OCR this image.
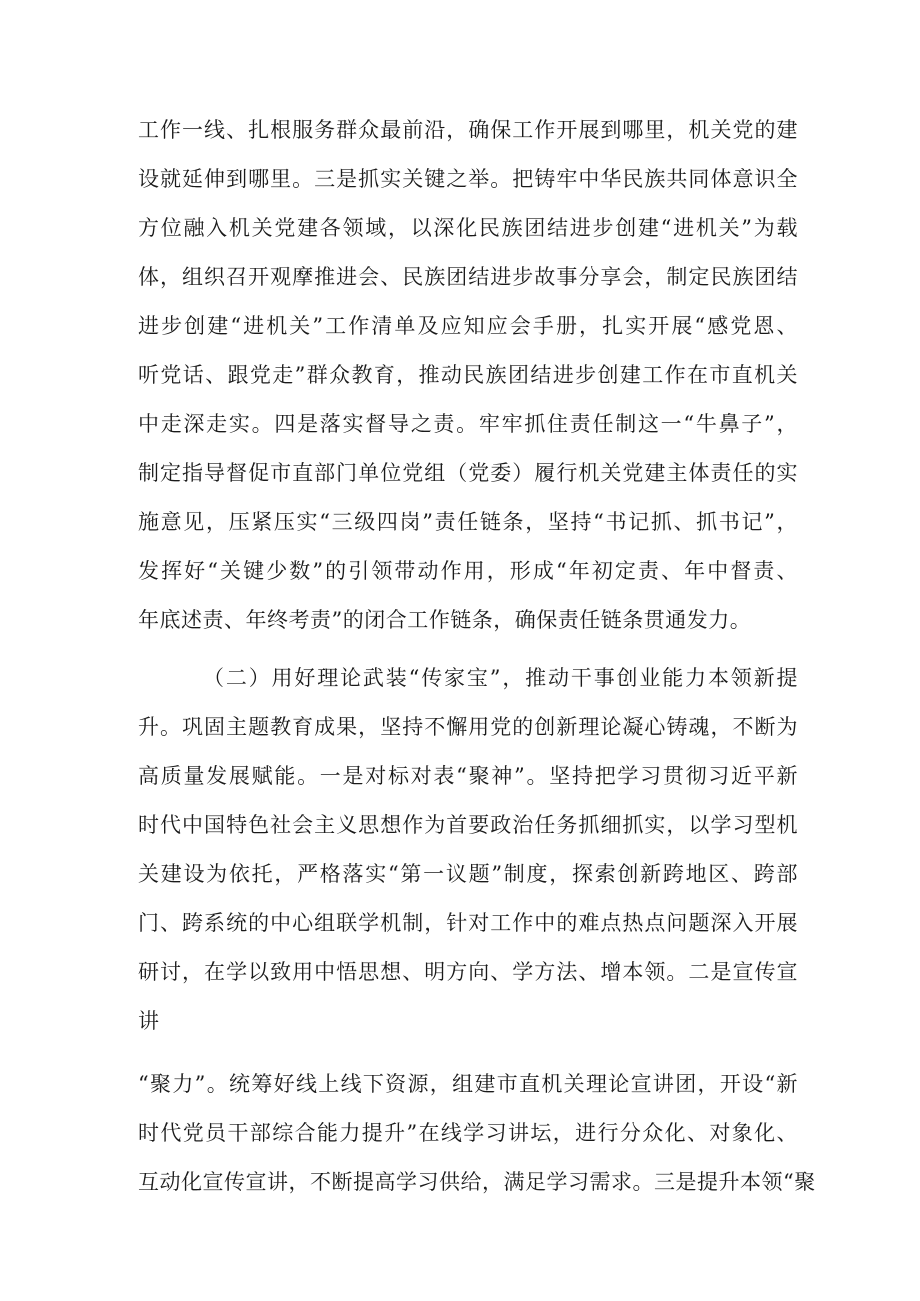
工作一线、扎根服务群众最前沿，确保工作开展到哪里，机关党的建
设就延伸到哪里。三是抓实关键之举。把铸牢中华民族共同体意识全
方位融入机关党建各领域，以深化民族团结进步创建“进机关”为载
体，组织召开观摩推进会、民族团结进步故事分享会，制定民族团结
进步创建“进机关”工作清单及应知应会手册，扎实开展“感党恩、
听党话、跟党走”群众教育，推动民族团结进步创建工作在市直机关
中走深走实。四是落实督导之责。牢牢抓住责任制这一“牛鼻子”，
制定指导督促市直部门单位党组（党委）履行机关党建主体责任的实
施意见，压紧压实“三级四岗”责任链条，坚持“书记抓、抓书记”，
发挥好“关键少数”的引领带动作用，形成“年初定责、年中督责、
年底述责、年终考责”的闭合工作链条，确保责任链条贯通发力。
（二）用好理论武装“传家宝”，推动干事创业能力本领新提
升。巩固主题教育成果，坚持不懈用党的创新理论凝心铸魂，不断为
高质量发展赋能。一是对标对表“聚神”。坚持把学习贯彻习近平新
时代中国特色社会主义思想作为首要政治任务抓细抓实，以学习型机
关建设为依托，严格落实“第一议题”制度，探索创新跨地区、跨部
门、跨系统的中心组联学机制，针对工作中的难点热点问题深入开展
研讨，在学以致用中悟思想、明方向、学方法、增本领。二是宣传宣
讲
“聚力”。统筹好线上线下资源，组建市直机关理论宣讲团，开设“新
时代党员干部综合能力提升”在线学习讲坛，进行分众化、对象化、
互动化宣传宣讲，不断提高学习供给，满足学习需求。三是提升本领“聚
